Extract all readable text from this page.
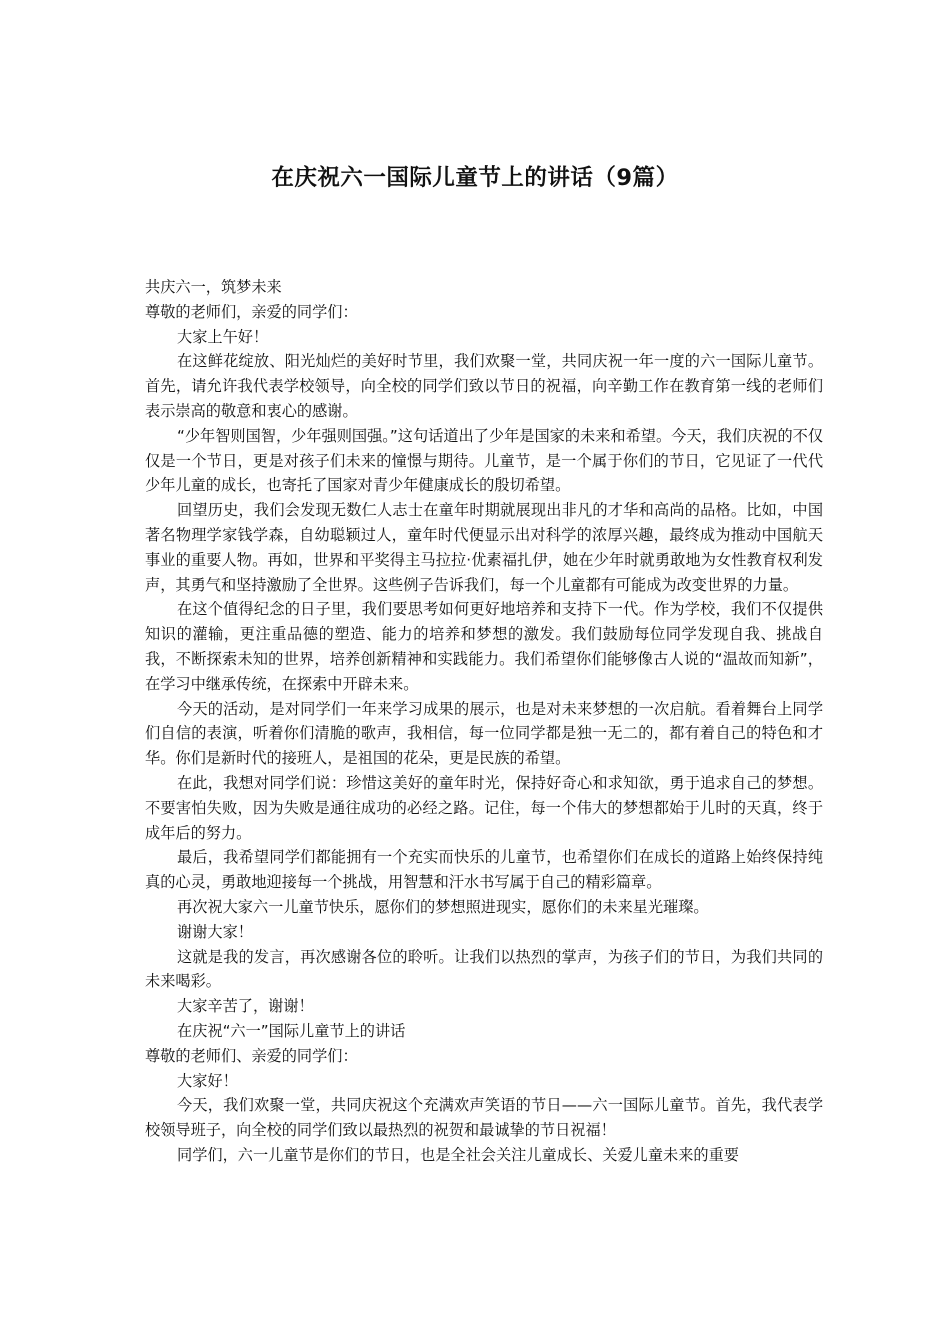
在庆祝六一国际儿童节上的讲话（9篇）

共庆六一，筑梦未来

尊敬的老师们，亲爱的同学们：

大家上午好！

在这鲜花绽放、阳光灿烂的美好时节里，我们欢聚一堂，共同庆祝一年一度的六一国际儿童节。首先，请允许我代表学校领导，向全校的同学们致以节日的祝福，向辛勤工作在教育第一线的老师们表示崇高的敬意和衷心的感谢。

“少年智则国智，少年强则国强。”这句话道出了少年是国家的未来和希望。今天，我们庆祝的不仅仅是一个节日，更是对孩子们未来的憧憬与期待。儿童节，是一个属于你们的节日，它见证了一代代少年儿童的成长，也寄托了国家对青少年健康成长的殷切希望。

回望历史，我们会发现无数仁人志士在童年时期就展现出非凡的才华和高尚的品格。比如，中国著名物理学家钱学森，自幼聪颖过人，童年时代便显示出对科学的浓厚兴趣，最终成为推动中国航天事业的重要人物。再如，世界和平奖得主马拉拉·优素福扎伊，她在少年时就勇敢地为女性教育权利发声，其勇气和坚持激励了全世界。这些例子告诉我们，每一个儿童都有可能成为改变世界的力量。

在这个值得纪念的日子里，我们要思考如何更好地培养和支持下一代。作为学校，我们不仅提供知识的灌输，更注重品德的塑造、能力的培养和梦想的激发。我们鼓励每位同学发现自我、挑战自我，不断探索未知的世界，培养创新精神和实践能力。我们希望你们能够像古人说的“温故而知新”，在学习中继承传统，在探索中开辟未来。

今天的活动，是对同学们一年来学习成果的展示，也是对未来梦想的一次启航。看着舞台上同学们自信的表演，听着你们清脆的歌声，我相信，每一位同学都是独一无二的，都有着自己的特色和才华。你们是新时代的接班人，是祖国的花朵，更是民族的希望。

在此，我想对同学们说：珍惜这美好的童年时光，保持好奇心和求知欲，勇于追求自己的梦想。不要害怕失败，因为失败是通往成功的必经之路。记住，每一个伟大的梦想都始于儿时的天真，终于成年后的努力。

最后，我希望同学们都能拥有一个充实而快乐的儿童节，也希望你们在成长的道路上始终保持纯真的心灵，勇敢地迎接每一个挑战，用智慧和汗水书写属于自己的精彩篇章。

再次祝大家六一儿童节快乐，愿你们的梦想照进现实，愿你们的未来星光璀璨。

谢谢大家！

这就是我的发言，再次感谢各位的聆听。让我们以热烈的掌声，为孩子们的节日，为我们共同的未来喝彩。

大家辛苦了，谢谢！

在庆祝“六一”国际儿童节上的讲话

尊敬的老师们、亲爱的同学们：

大家好！

今天，我们欢聚一堂，共同庆祝这个充满欢声笑语的节日——六一国际儿童节。首先，我代表学校领导班子，向全校的同学们致以最热烈的祝贺和最诚挚的节日祝福！

同学们，六一儿童节是你们的节日，也是全社会关注儿童成长、关爱儿童未来的重要
